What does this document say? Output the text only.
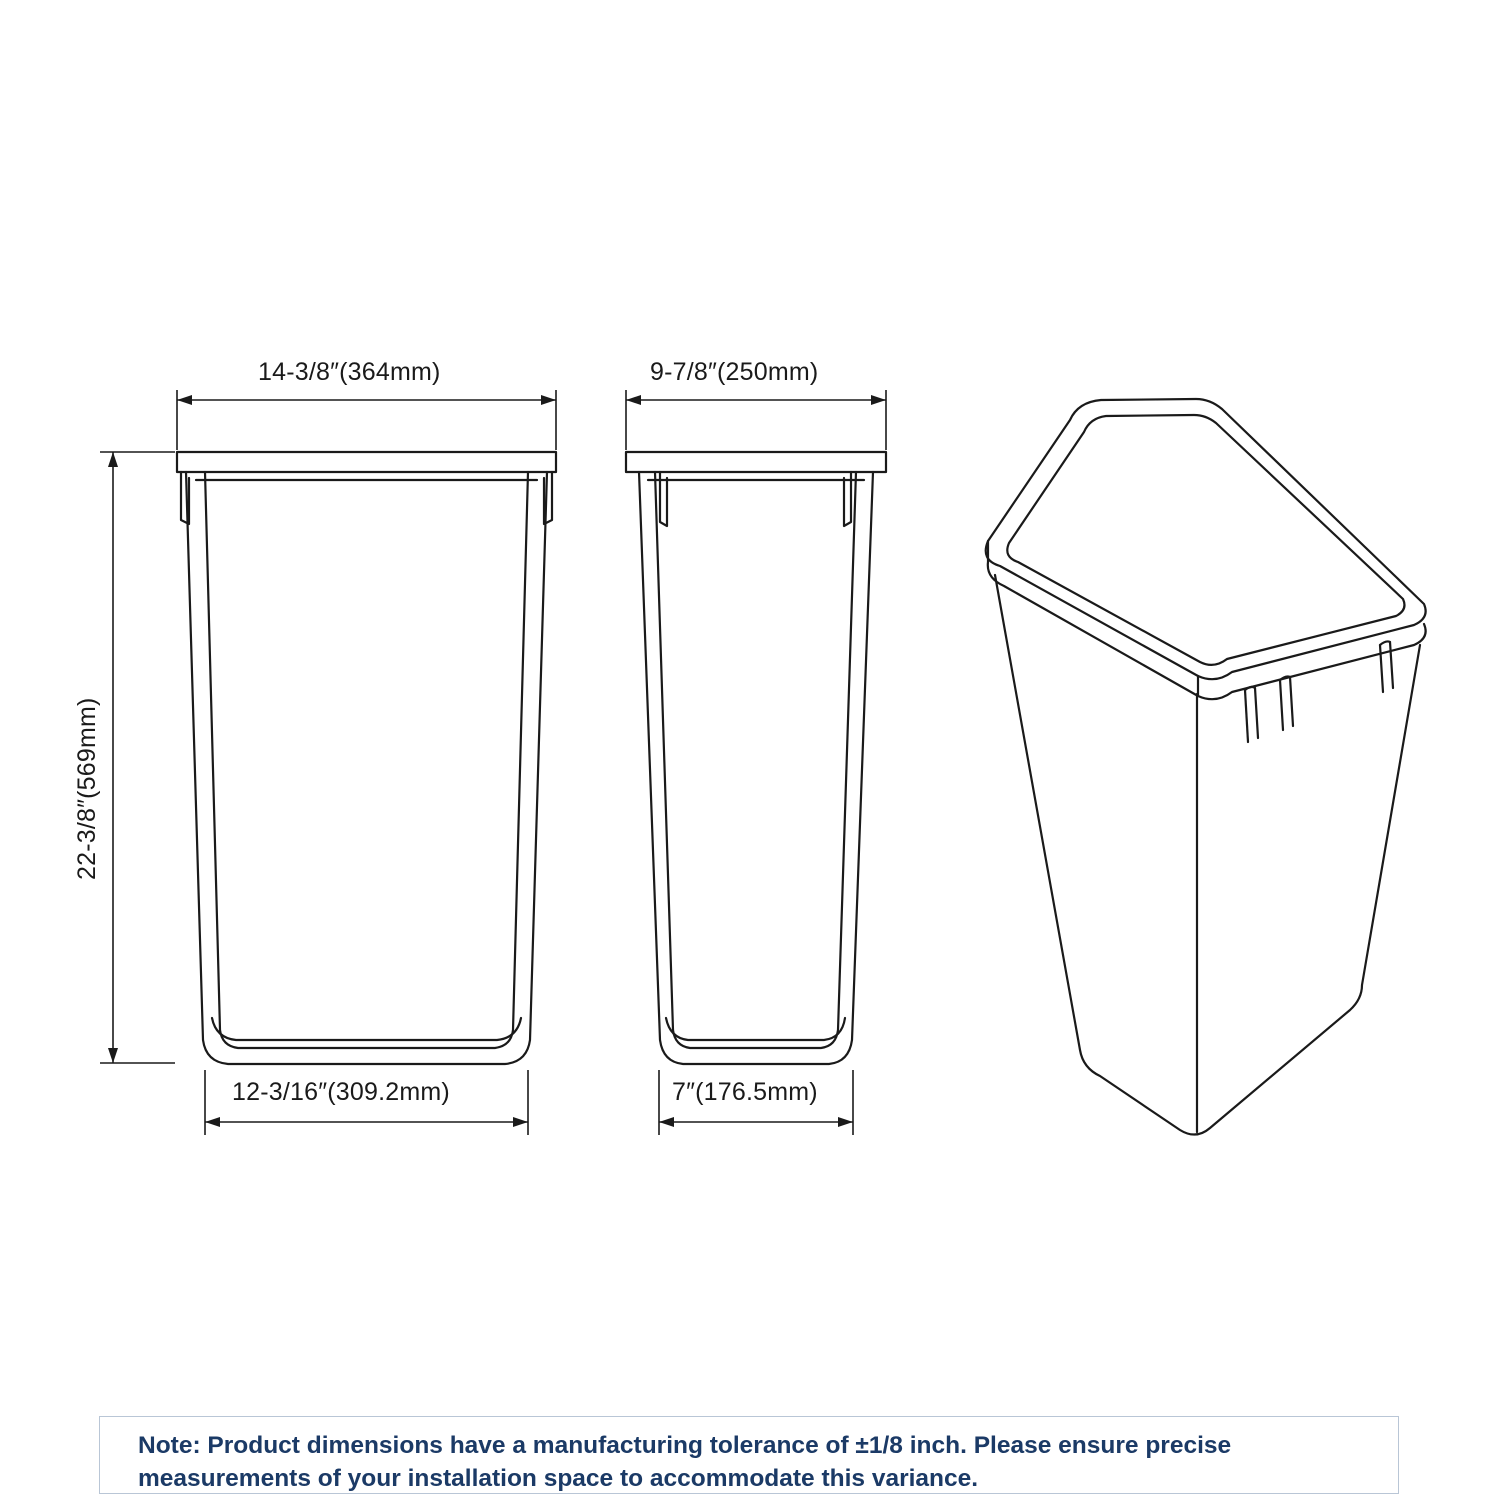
14-3/8″(364mm)	9-7/8″(250mm)
12-3/16″(309.2mm)	7″(176.5mm)
22-3/8″(569mm)
Note: Product dimensions have a manufacturing tolerance of ±1/8 inch. Please ensure precise measurements of your installation space to accommodate this variance.
